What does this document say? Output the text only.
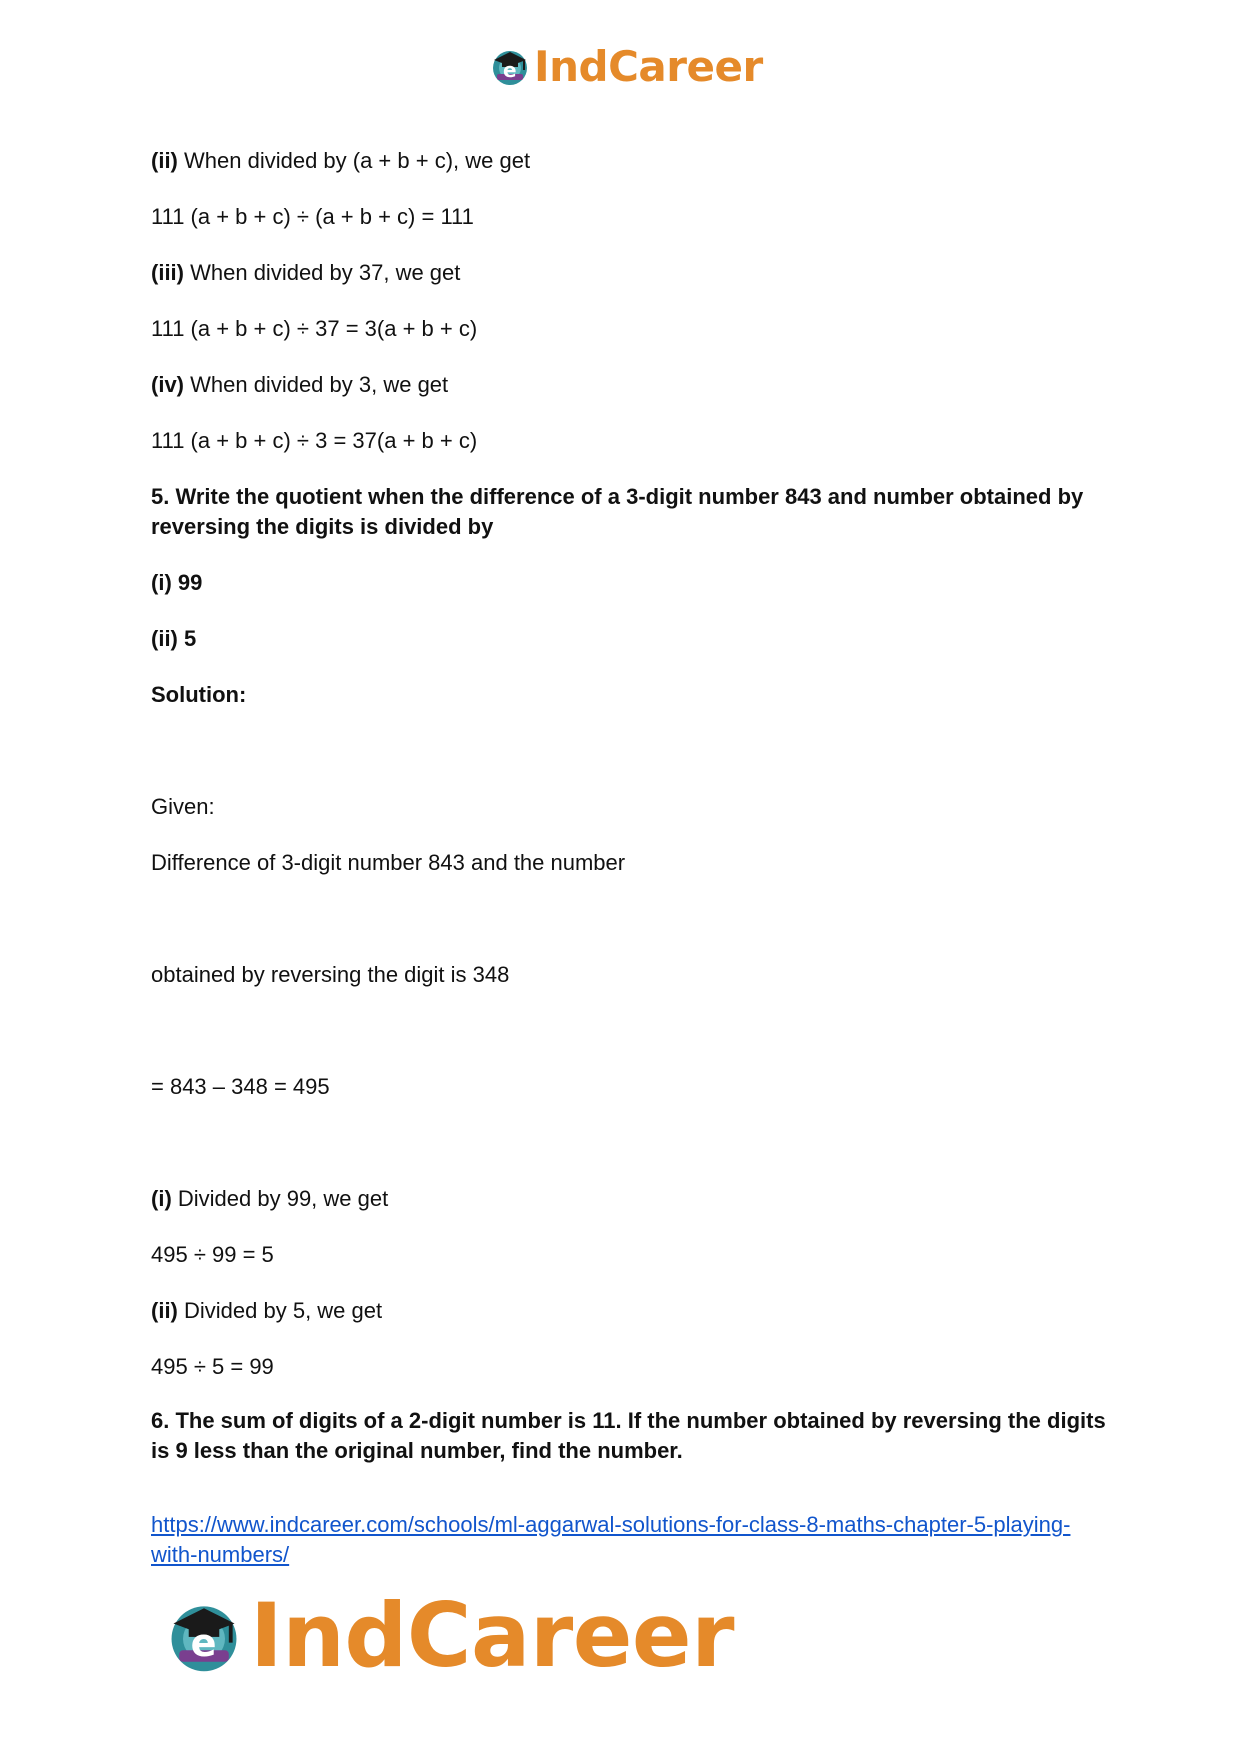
e IndCareer
(ii) When divided by (a + b + c), we get
111 (a + b + c) ÷ (a + b + c) = 111
(iii) When divided by 37, we get
111 (a + b + c) ÷ 37 = 3(a + b + c)
(iv) When divided by 3, we get
111 (a + b + c) ÷ 3 = 37(a + b + c)
5. Write the quotient when the difference of a 3-digit number 843 and number obtained by reversing the digits is divided by
(i) 99
(ii) 5
Solution:
Given:
Difference of 3-digit number 843 and the number
obtained by reversing the digit is 348
= 843 – 348 = 495
(i) Divided by 99, we get
495 ÷ 99 = 5
(ii) Divided by 5, we get
495 ÷ 5 = 99
6. The sum of digits of a 2-digit number is 11. If the number obtained by reversing the digits is 9 less than the original number, find the number.
https://www.indcareer.com/schools/ml-aggarwal-solutions-for-class-8-maths-chapter-5-playing-with-numbers/
e IndCareer
